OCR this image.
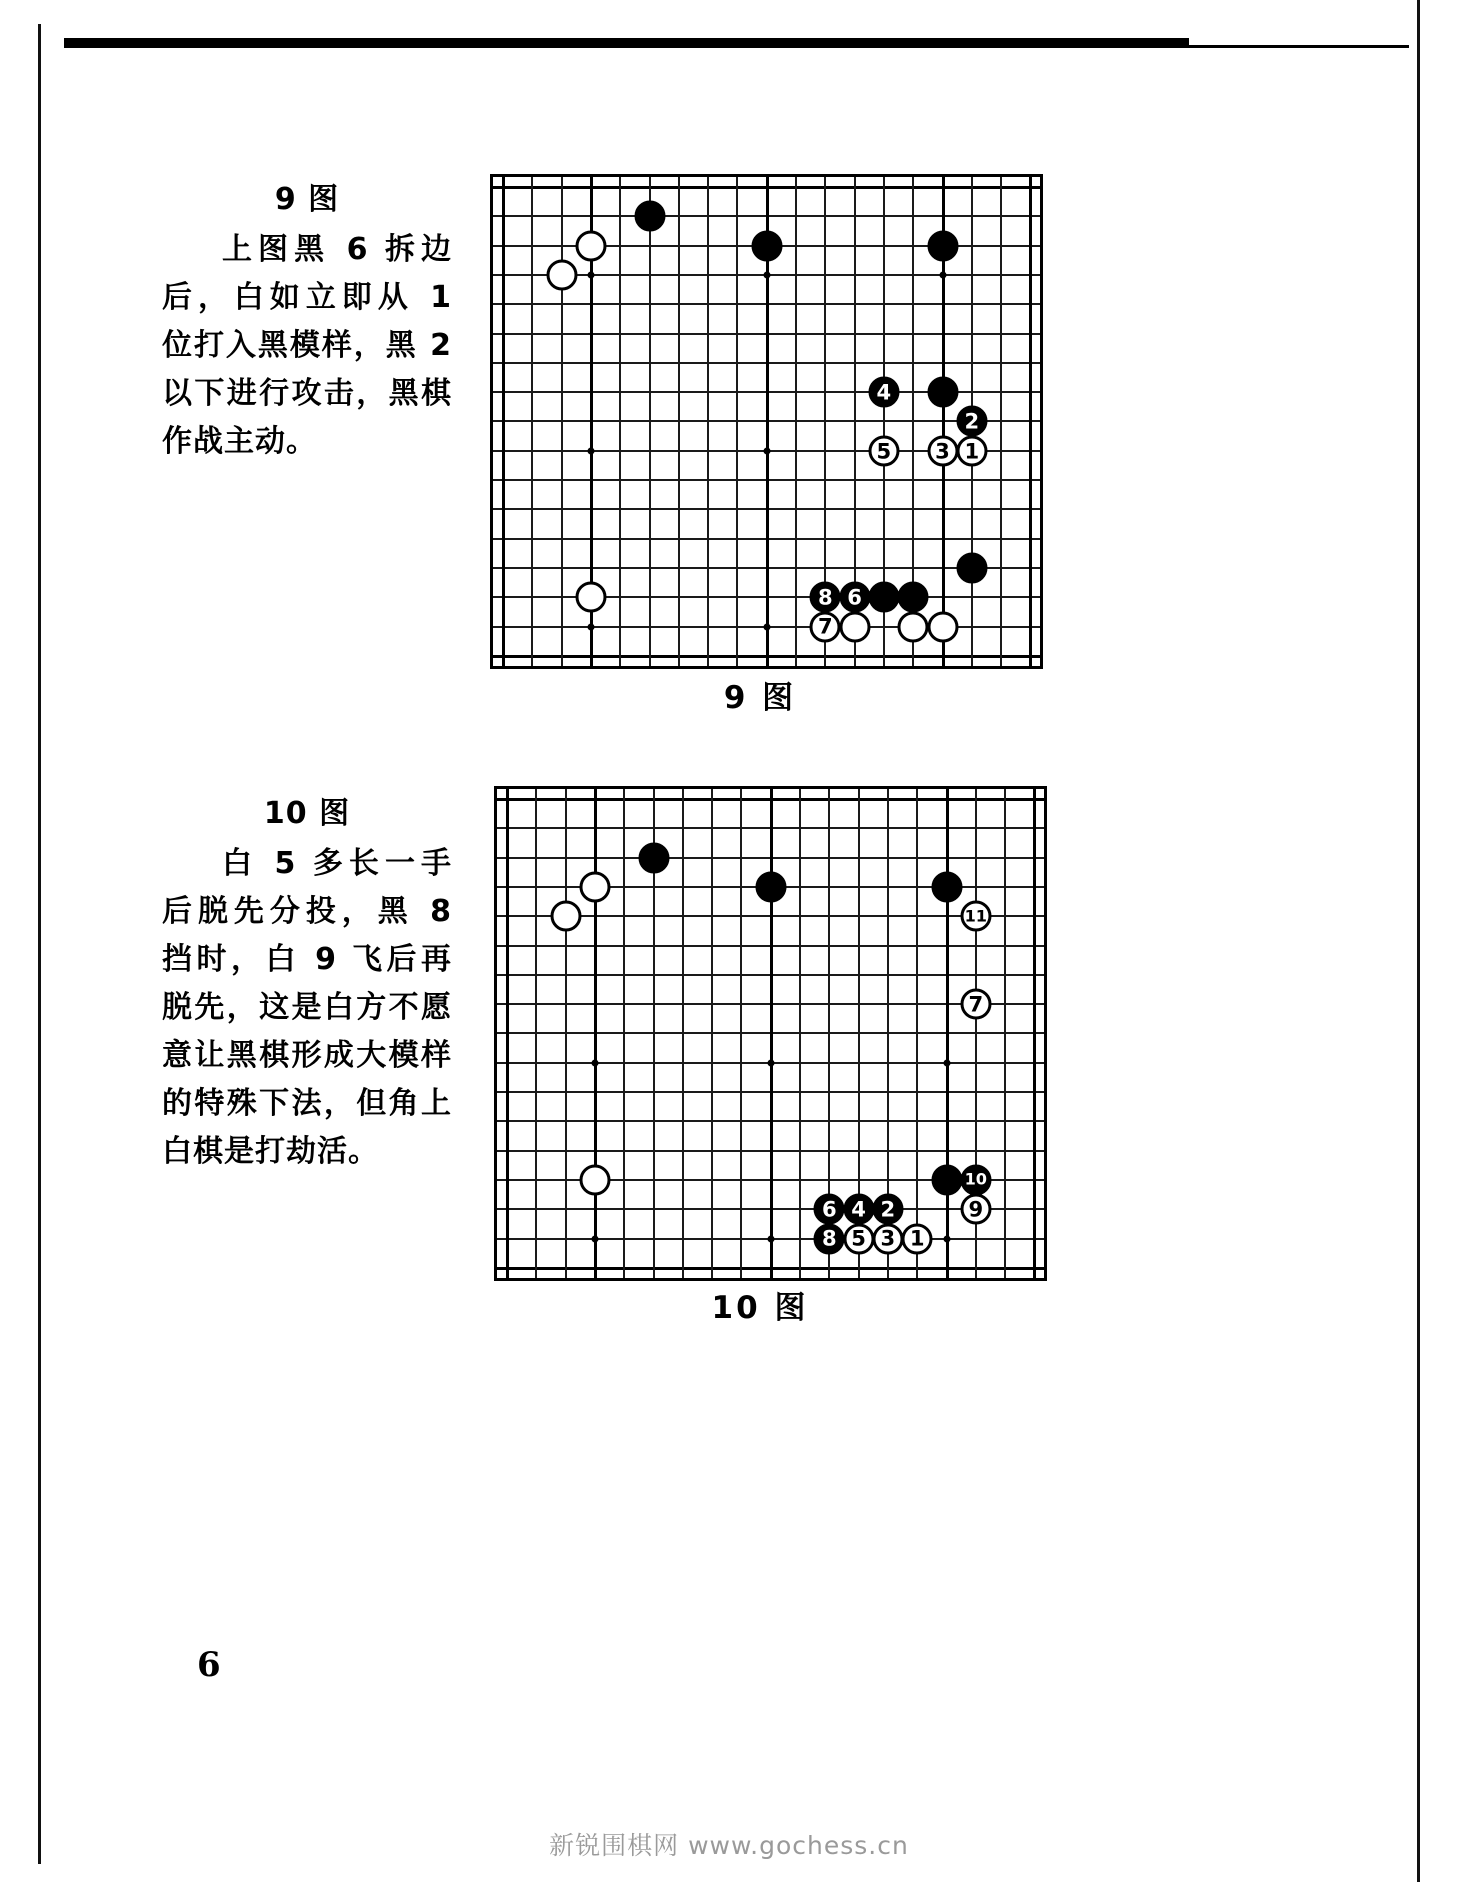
9 图
上图黑 6 拆边后，白如立即从 1 位打入黑模样，黑 2 以下进行攻击，黑棋作战主动。
4
2
5 3 1
8 6
7
9 图
10 图
白 5 多长一手后脱先分投，黑 8 挡时，白 9 飞后再脱先，这是白方不愿意让黑棋形成大模样的特殊下法，但角上白棋是打劫活。
11
7
10
6 4 2	9
8 5 3 1
10 图
6
新锐围棋网 www.gochess.cn
